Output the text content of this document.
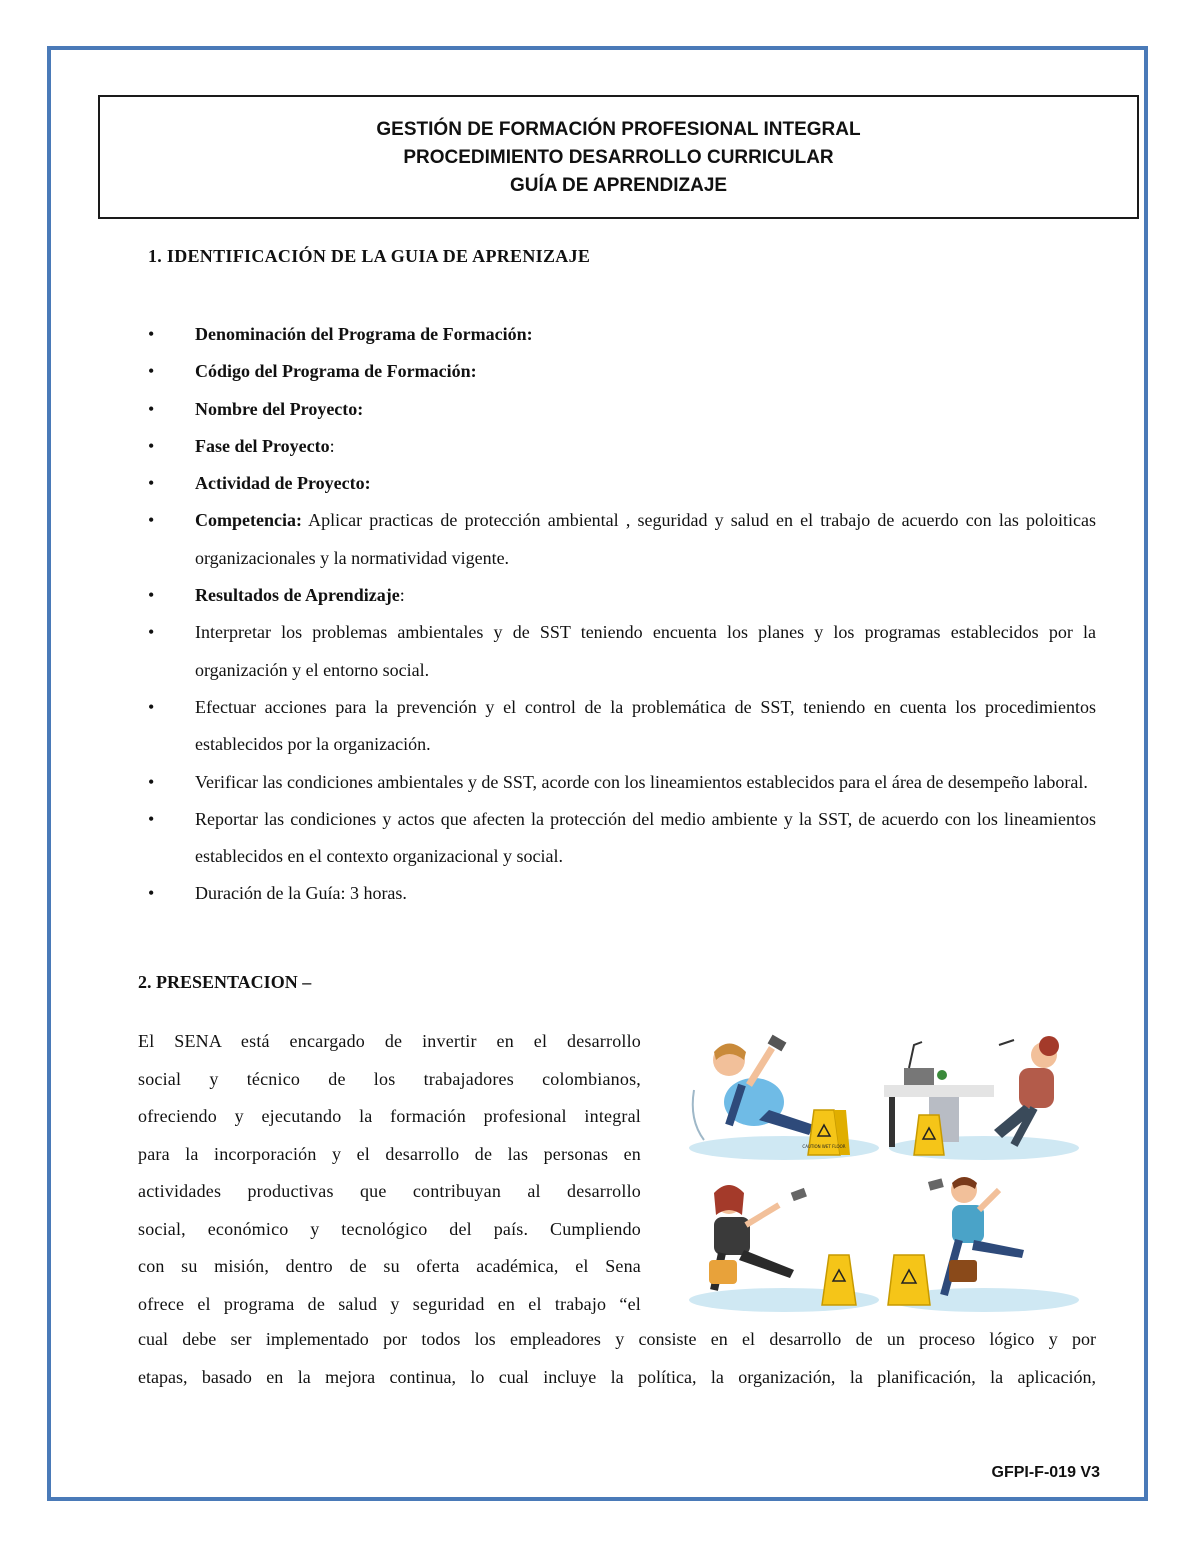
GESTIÓN DE FORMACIÓN PROFESIONAL INTEGRAL
PROCEDIMIENTO DESARROLLO CURRICULAR
GUÍA DE APRENDIZAJE
1. IDENTIFICACIÓN DE LA GUIA DE APRENIZAJE
• Denominación del Programa de Formación:
• Código del Programa de Formación:
• Nombre del Proyecto:
• Fase del Proyecto:
• Actividad de Proyecto:
• Competencia: Aplicar practicas de protección ambiental , seguridad y salud en el trabajo de acuerdo con las poloiticas organizacionales y la normatividad vigente.
• Resultados de Aprendizaje:
• Interpretar los problemas ambientales y de SST teniendo encuenta los planes y los programas establecidos por la organización y el entorno social.
• Efectuar acciones para la prevención y el control de la problemática de SST, teniendo en cuenta los procedimientos establecidos por la organización.
• Verificar las condiciones ambientales y de SST, acorde con los lineamientos establecidos para el área de desempeño laboral.
• Reportar las condiciones y actos que afecten la protección del medio ambiente y la SST, de acuerdo con los lineamientos establecidos en el contexto organizacional y social.
• Duración de la Guía: 3 horas.
2. PRESENTACION –
El SENA está encargado de invertir en el desarrollo
social y técnico de los trabajadores colombianos,
ofreciendo y ejecutando la formación profesional integral
para la incorporación y el desarrollo de las personas en
actividades productivas que contribuyan al desarrollo
social, económico y tecnológico del país. Cumpliendo
con su misión, dentro de su oferta académica, el Sena
ofrece el programa de salud y seguridad en el trabajo “el
cual debe ser implementado por todos los empleadores y consiste en el desarrollo de un proceso lógico y por
etapas, basado en la mejora continua, lo cual incluye la política, la organización, la planificación, la aplicación,
CAUTION WET FLOOR
GFPI-F-019 V3
